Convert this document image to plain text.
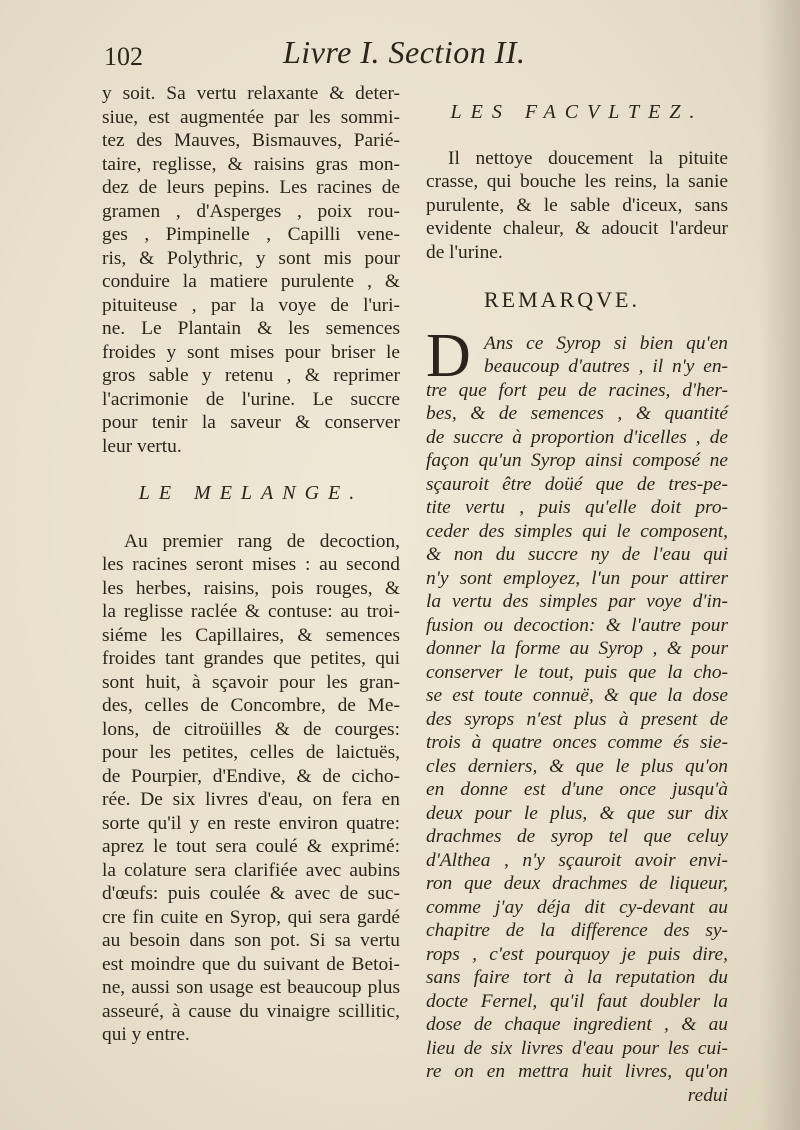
102	Livre I. Section II.
y soit. Sa vertu relaxante & deter-
siue, est augmentée par les sommi-
tez des Mauves, Bismauves, Parié-
taire, reglisse, & raisins gras mon-
dez de leurs pepins. Les racines de
gramen , d'Asperges , poix rou-
ges , Pimpinelle , Capilli vene-
ris, & Polythric, y sont mis pour
conduire la matiere purulente , &
pituiteuse , par la voye de l'uri-
ne. Le Plantain & les semences
froides y sont mises pour briser le
gros sable y retenu , & reprimer
l'acrimonie de l'urine. Le succre
pour tenir la saveur & conserver
leur vertu.
LE MELANGE.
Au premier rang de decoction,
les racines seront mises : au second
les herbes, raisins, pois rouges, &
la reglisse raclée & contuse: au troi-
siéme les Capillaires, & semences
froides tant grandes que petites, qui
sont huit, à sçavoir pour les gran-
des, celles de Concombre, de Me-
lons, de citroüilles & de courges:
pour les petites, celles de laictuës,
de Pourpier, d'Endive, & de cicho-
rée. De six livres d'eau, on fera en
sorte qu'il y en reste environ quatre:
aprez le tout sera coulé & exprimé:
la colature sera clarifiée avec aubins
d'œufs: puis coulée & avec de suc-
cre fin cuite en Syrop, qui sera gardé
au besoin dans son pot. Si sa vertu
est moindre que du suivant de Betoi-
ne, aussi son usage est beaucoup plus
asseuré, à cause du vinaigre scillitic,
qui y entre.
LES FACVLTEZ.
Il nettoye doucement la pituite
crasse, qui bouche les reins, la sanie
purulente, & le sable d'iceux, sans
evidente chaleur, & adoucit l'ardeur
de l'urine.
REMARQVE.
D Ans ce Syrop si bien qu'en
beaucoup d'autres , il n'y en-
tre que fort peu de racines, d'her-
bes, & de semences , & quantité
de succre à proportion d'icelles , de
façon qu'un Syrop ainsi composé ne
sçauroit être doüé que de tres-pe-
tite vertu , puis qu'elle doit pro-
ceder des simples qui le composent,
& non du succre ny de l'eau qui
n'y sont employez, l'un pour attirer
la vertu des simples par voye d'in-
fusion ou decoction: & l'autre pour
donner la forme au Syrop , & pour
conserver le tout, puis que la cho-
se est toute connuë, & que la dose
des syrops n'est plus à present de
trois à quatre onces comme és sie-
cles derniers, & que le plus qu'on
en donne est d'une once jusqu'à
deux pour le plus, & que sur dix
drachmes de syrop tel que celuy
d'Althea , n'y sçauroit avoir envi-
ron que deux drachmes de liqueur,
comme j'ay déja dit cy-devant au
chapitre de la difference des sy-
rops , c'est pourquoy je puis dire,
sans faire tort à la reputation du
docte Fernel, qu'il faut doubler la
dose de chaque ingredient , & au
lieu de six livres d'eau pour les cui-
re on en mettra huit livres, qu'on
redui
